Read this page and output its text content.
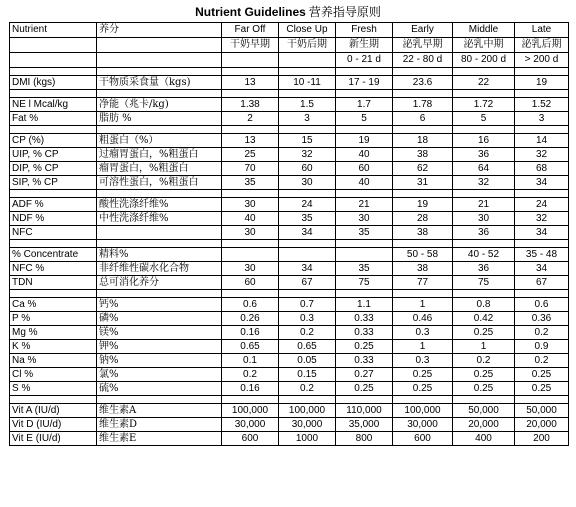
Nutrient Guidelines 营养指导原则
Nutrient	养分	Far Off	Close Up	Fresh	Early	Middle	Late
		干奶早期	干奶后期	新生期	泌乳早期	泌乳中期	泌乳后期
				0 - 21 d	22 - 80 d	80 - 200 d	> 200 d

DMI (kgs)	干物质采食量（kgs)	13	10 -11	17 - 19	23.6	22	19

NE l Mcal/kg	净能（兆卡/kg)	1.38	1.5	1.7	1.78	1.72	1.52
Fat %	脂肪 %	2	3	5	6	5	3

CP (%)	粗蛋白（%）	13	15	19	18	16	14
UIP, % CP	过瘤胃蛋白，%粗蛋白	25	32	40	38	36	32
DIP, % CP	瘤胃蛋白，%粗蛋白	70	60	60	62	64	68
SIP, % CP	可溶性蛋白，%粗蛋白	35	30	40	31	32	34

ADF %	酸性洗涤纤维%	30	24	21	19	21	24
NDF %	中性洗涤纤维%	40	35	30	28	30	32
NFC		30	34	35	38	36	34

% Concentrate	精料%				50 - 58	40 - 52	35 - 48
NFC %	非纤维性碳水化合物	30	34	35	38	36	34
TDN	总可消化养分	60	67	75	77	75	67

Ca %	钙%	0.6	0.7	1.1	1	0.8	0.6
P %	磷%	0.26	0.3	0.33	0.46	0.42	0.36
Mg %	镁%	0.16	0.2	0.33	0.3	0.25	0.2
K %	钾%	0.65	0.65	0.25	1	1	0.9
Na %	钠%	0.1	0.05	0.33	0.3	0.2	0.2
Cl %	氯%	0.2	0.15	0.27	0.25	0.25	0.25
S %	硫%	0.16	0.2	0.25	0.25	0.25	0.25

Vit A (IU/d)	维生素A	100,000	100,000	110,000	100,000	50,000	50,000
Vit D (IU/d)	维生素D	30,000	30,000	35,000	30,000	20,000	20,000
Vit E (IU/d)	维生素E	600	1000	800	600	400	200
